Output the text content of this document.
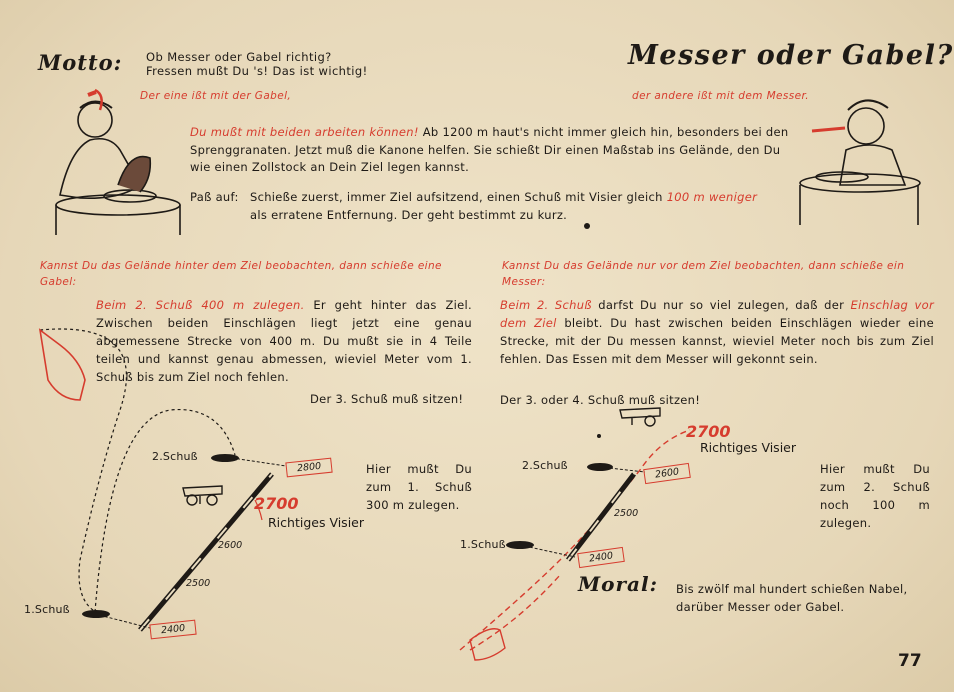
Motto: Ob Messer oder Gabel richtig?
Fressen mußt Du 's! Das ist wichtig!	Messer oder Gabel?
Der eine ißt mit der Gabel,	der andere ißt mit dem Messer.
Du mußt mit beiden arbeiten können! Ab 1200 m haut's nicht immer gleich hin, besonders bei den Sprenggranaten. Jetzt muß die Kanone helfen. Sie schießt Dir einen Maßstab ins Gelände, den Du wie einen Zollstock an Dein Ziel legen kannst.
Paß auf: Schieße zuerst, immer Ziel aufsitzend, einen Schuß mit Visier gleich 100 m weniger
als erratene Entfernung. Der geht bestimmt zu kurz.
Kannst Du das Gelände hinter dem Ziel beobachten, dann schieße eine Gabel:
Beim 2. Schuß 400 m zulegen. Er geht hinter das Ziel. Zwischen beiden Einschlägen liegt jetzt eine genau abgemessene Strecke von 400 m. Du mußt sie in 4 Teile teilen und kannst genau abmessen, wieviel Meter vom 1. Schuß bis zum Ziel noch fehlen.
Der 3. Schuß muß sitzen!
Kannst Du das Gelände nur vor dem Ziel beobachten, dann schieße ein Messer:
Beim 2. Schuß darfst Du nur so viel zulegen, daß der Einschlag vor dem Ziel bleibt. Du hast zwischen beiden Einschlägen wieder eine Strecke, mit der Du messen kannst, wieviel Meter noch bis zum Ziel fehlen. Das Essen mit dem Messer will gekonnt sein.
Der 3. oder 4. Schuß muß sitzen!
Hier mußt Du zum 1. Schuß 300 m zulegen.
Hier mußt Du zum 2. Schuß noch 100 m zulegen.
2.Schuß
1.Schuß
2800
2400
2600
2500
2700
Richtiges Visier
2.Schuß
1.Schuß
2600
2400
2500
2700
Richtiges Visier
Moral: Bis zwölf mal hundert schießen Nabel,
darüber Messer oder Gabel.
77
